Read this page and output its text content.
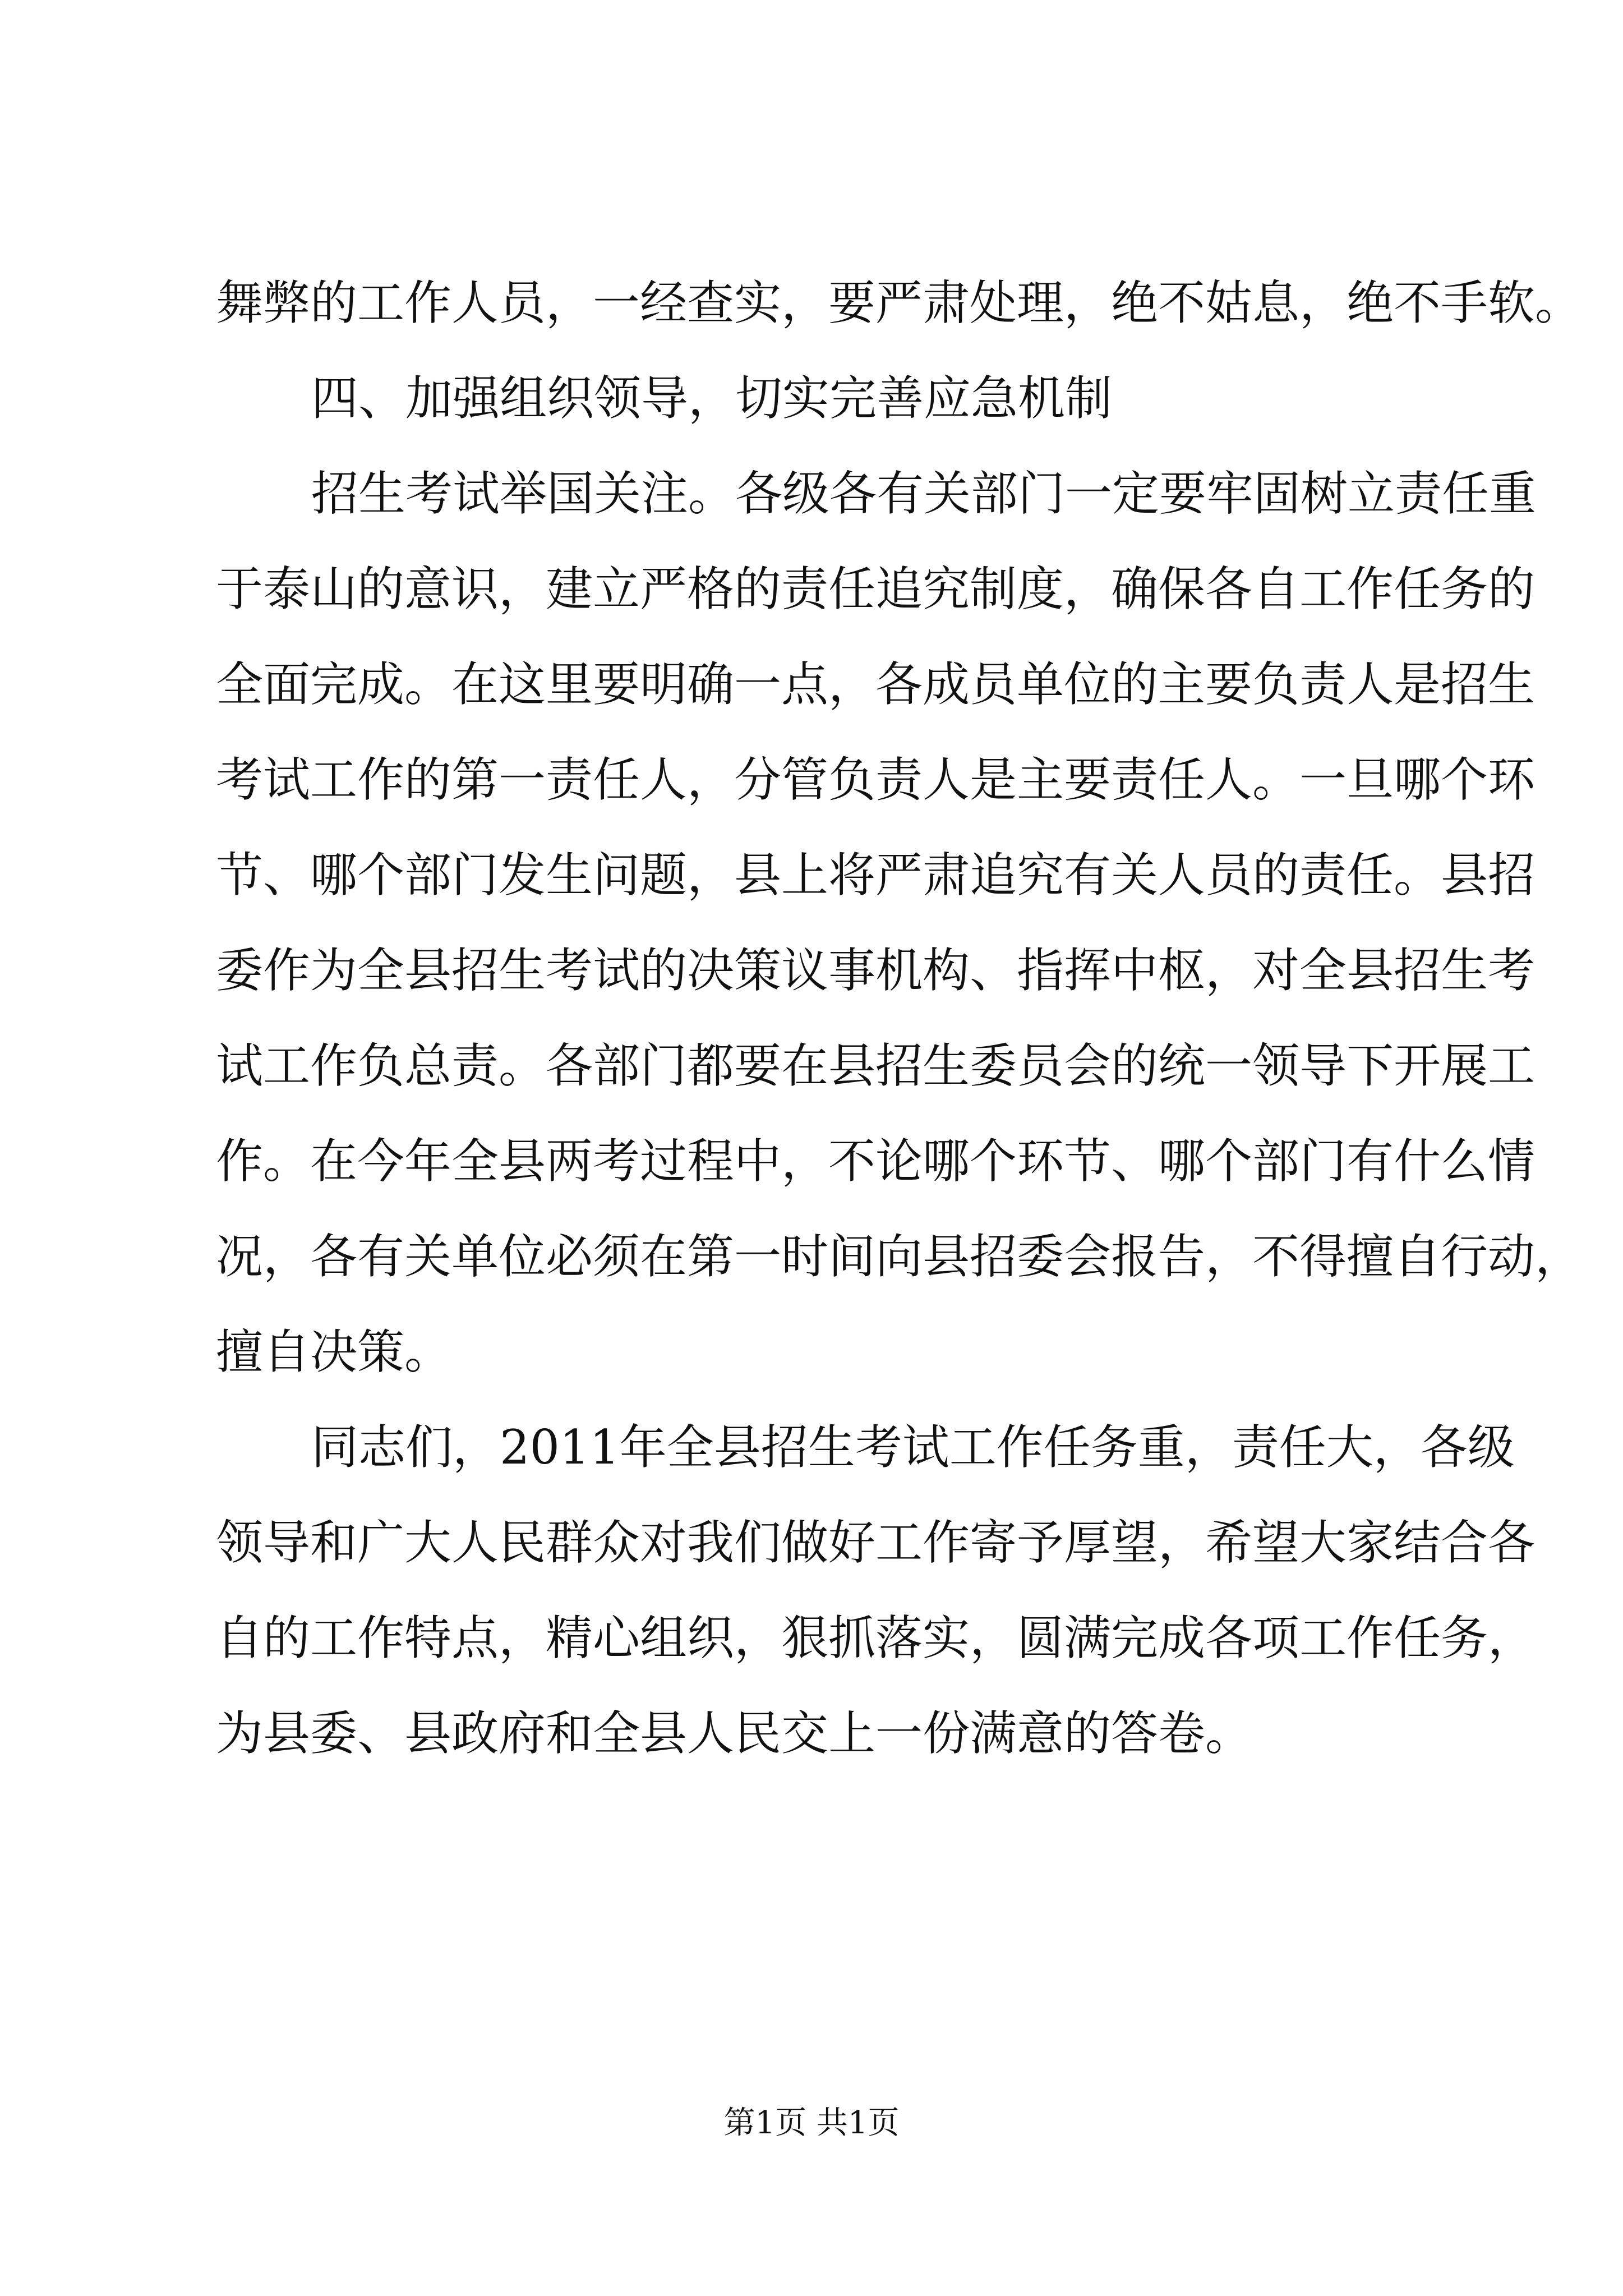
舞弊的工作人员，一经查实，要严肃处理，绝不姑息，绝不手软。
四、加强组织领导，切实完善应急机制
招生考试举国关注。各级各有关部门一定要牢固树立责任重
于泰山的意识，建立严格的责任追究制度，确保各自工作任务的
全面完成。在这里要明确一点，各成员单位的主要负责人是招生
考试工作的第一责任人，分管负责人是主要责任人。一旦哪个环
节、哪个部门发生问题，县上将严肃追究有关人员的责任。县招
委作为全县招生考试的决策议事机构、指挥中枢，对全县招生考
试工作负总责。各部门都要在县招生委员会的统一领导下开展工
作。在今年全县两考过程中，不论哪个环节、哪个部门有什么情
况，各有关单位必须在第一时间向县招委会报告，不得擅自行动，
擅自决策。
同志们，2011年全县招生考试工作任务重，责任大，各级
领导和广大人民群众对我们做好工作寄予厚望，希望大家结合各
自的工作特点，精心组织，狠抓落实，圆满完成各项工作任务，
为县委、县政府和全县人民交上一份满意的答卷。
第1页 共1页
